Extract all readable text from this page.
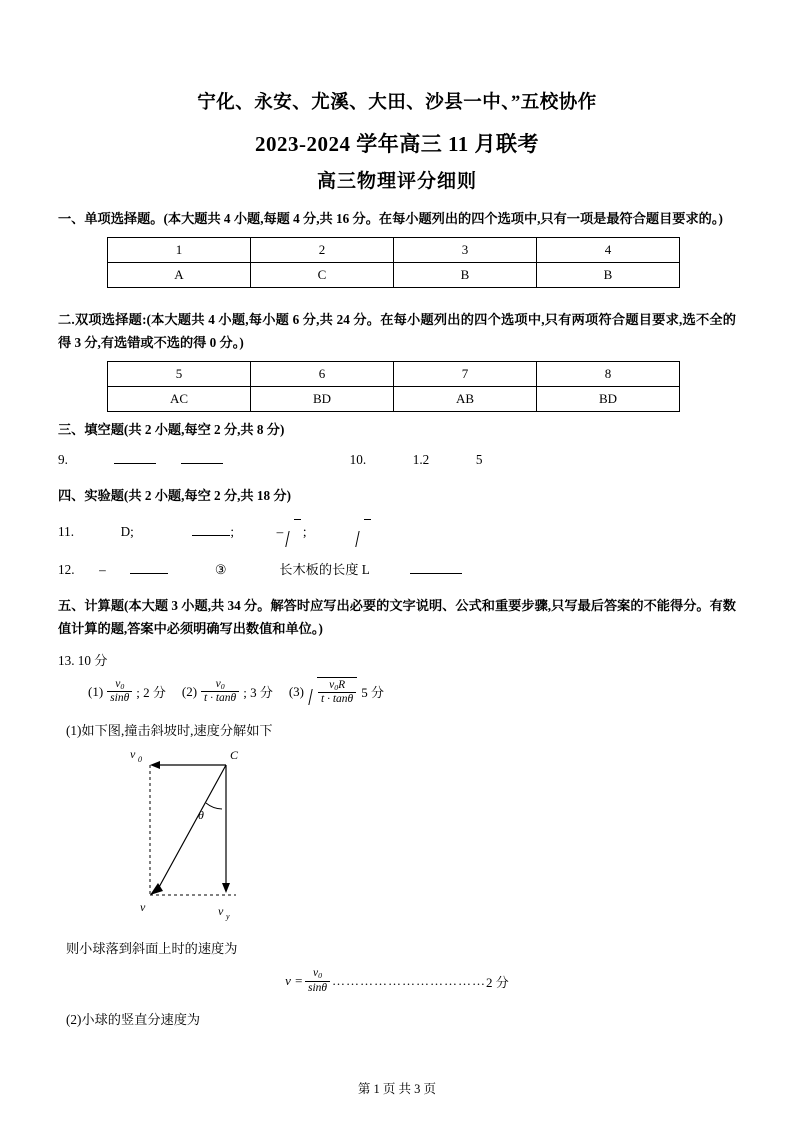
宁化、永安、尤溪、大田、沙县一中、”五校协作
2023-2024 学年高三 11 月联考
高三物理评分细则
一、单项选择题。(本大题共 4 小题,每题 4 分,共 16 分。在每小题列出的四个选项中,只有一项是最符合题目要求的。)
1	2	3	4
A	C	B	B
二.双项选择题:(本大题共 4 小题,每小题 6 分,共 24 分。在每小题列出的四个选项中,只有两项符合题目要求,选不全的得 3 分,有选错或不选的得 0 分。)
5	6	7	8
AC	BD	AB	BD
三、填空题(共 2 小题,每空 2 分,共 8 分)
9.	10.	1.2	5
四、实验题(共 2 小题,每空 2 分,共 18 分)
11.	D;	;	– ;
12. –	③	长木板的长度 L
五、计算题(本大题 3 小题,共 34 分。解答时应写出必要的文字说明、公式和重要步骤,只写最后答案的不能得分。有数值计算的题,答案中必须明确写出数值和单位。)
13. 10 分
$(1) \frac{v_0}{\sin\theta}$ ; 2 分 $(2) \frac{v_0}{t \cdot \tan\theta}$ ; 3 分 $(3) \frac{v_0R}{t \cdot \tan\theta} 5$ 分
(1)如下图,撞击斜坡时,速度分解如下
v 0	C
θ
v	v y
则小球落到斜面上时的速度为
$v = \frac{v_0}{\sin\theta}$ …………………………… 2 分
(2)小球的竖直分速度为
第 1 页 共 3 页
